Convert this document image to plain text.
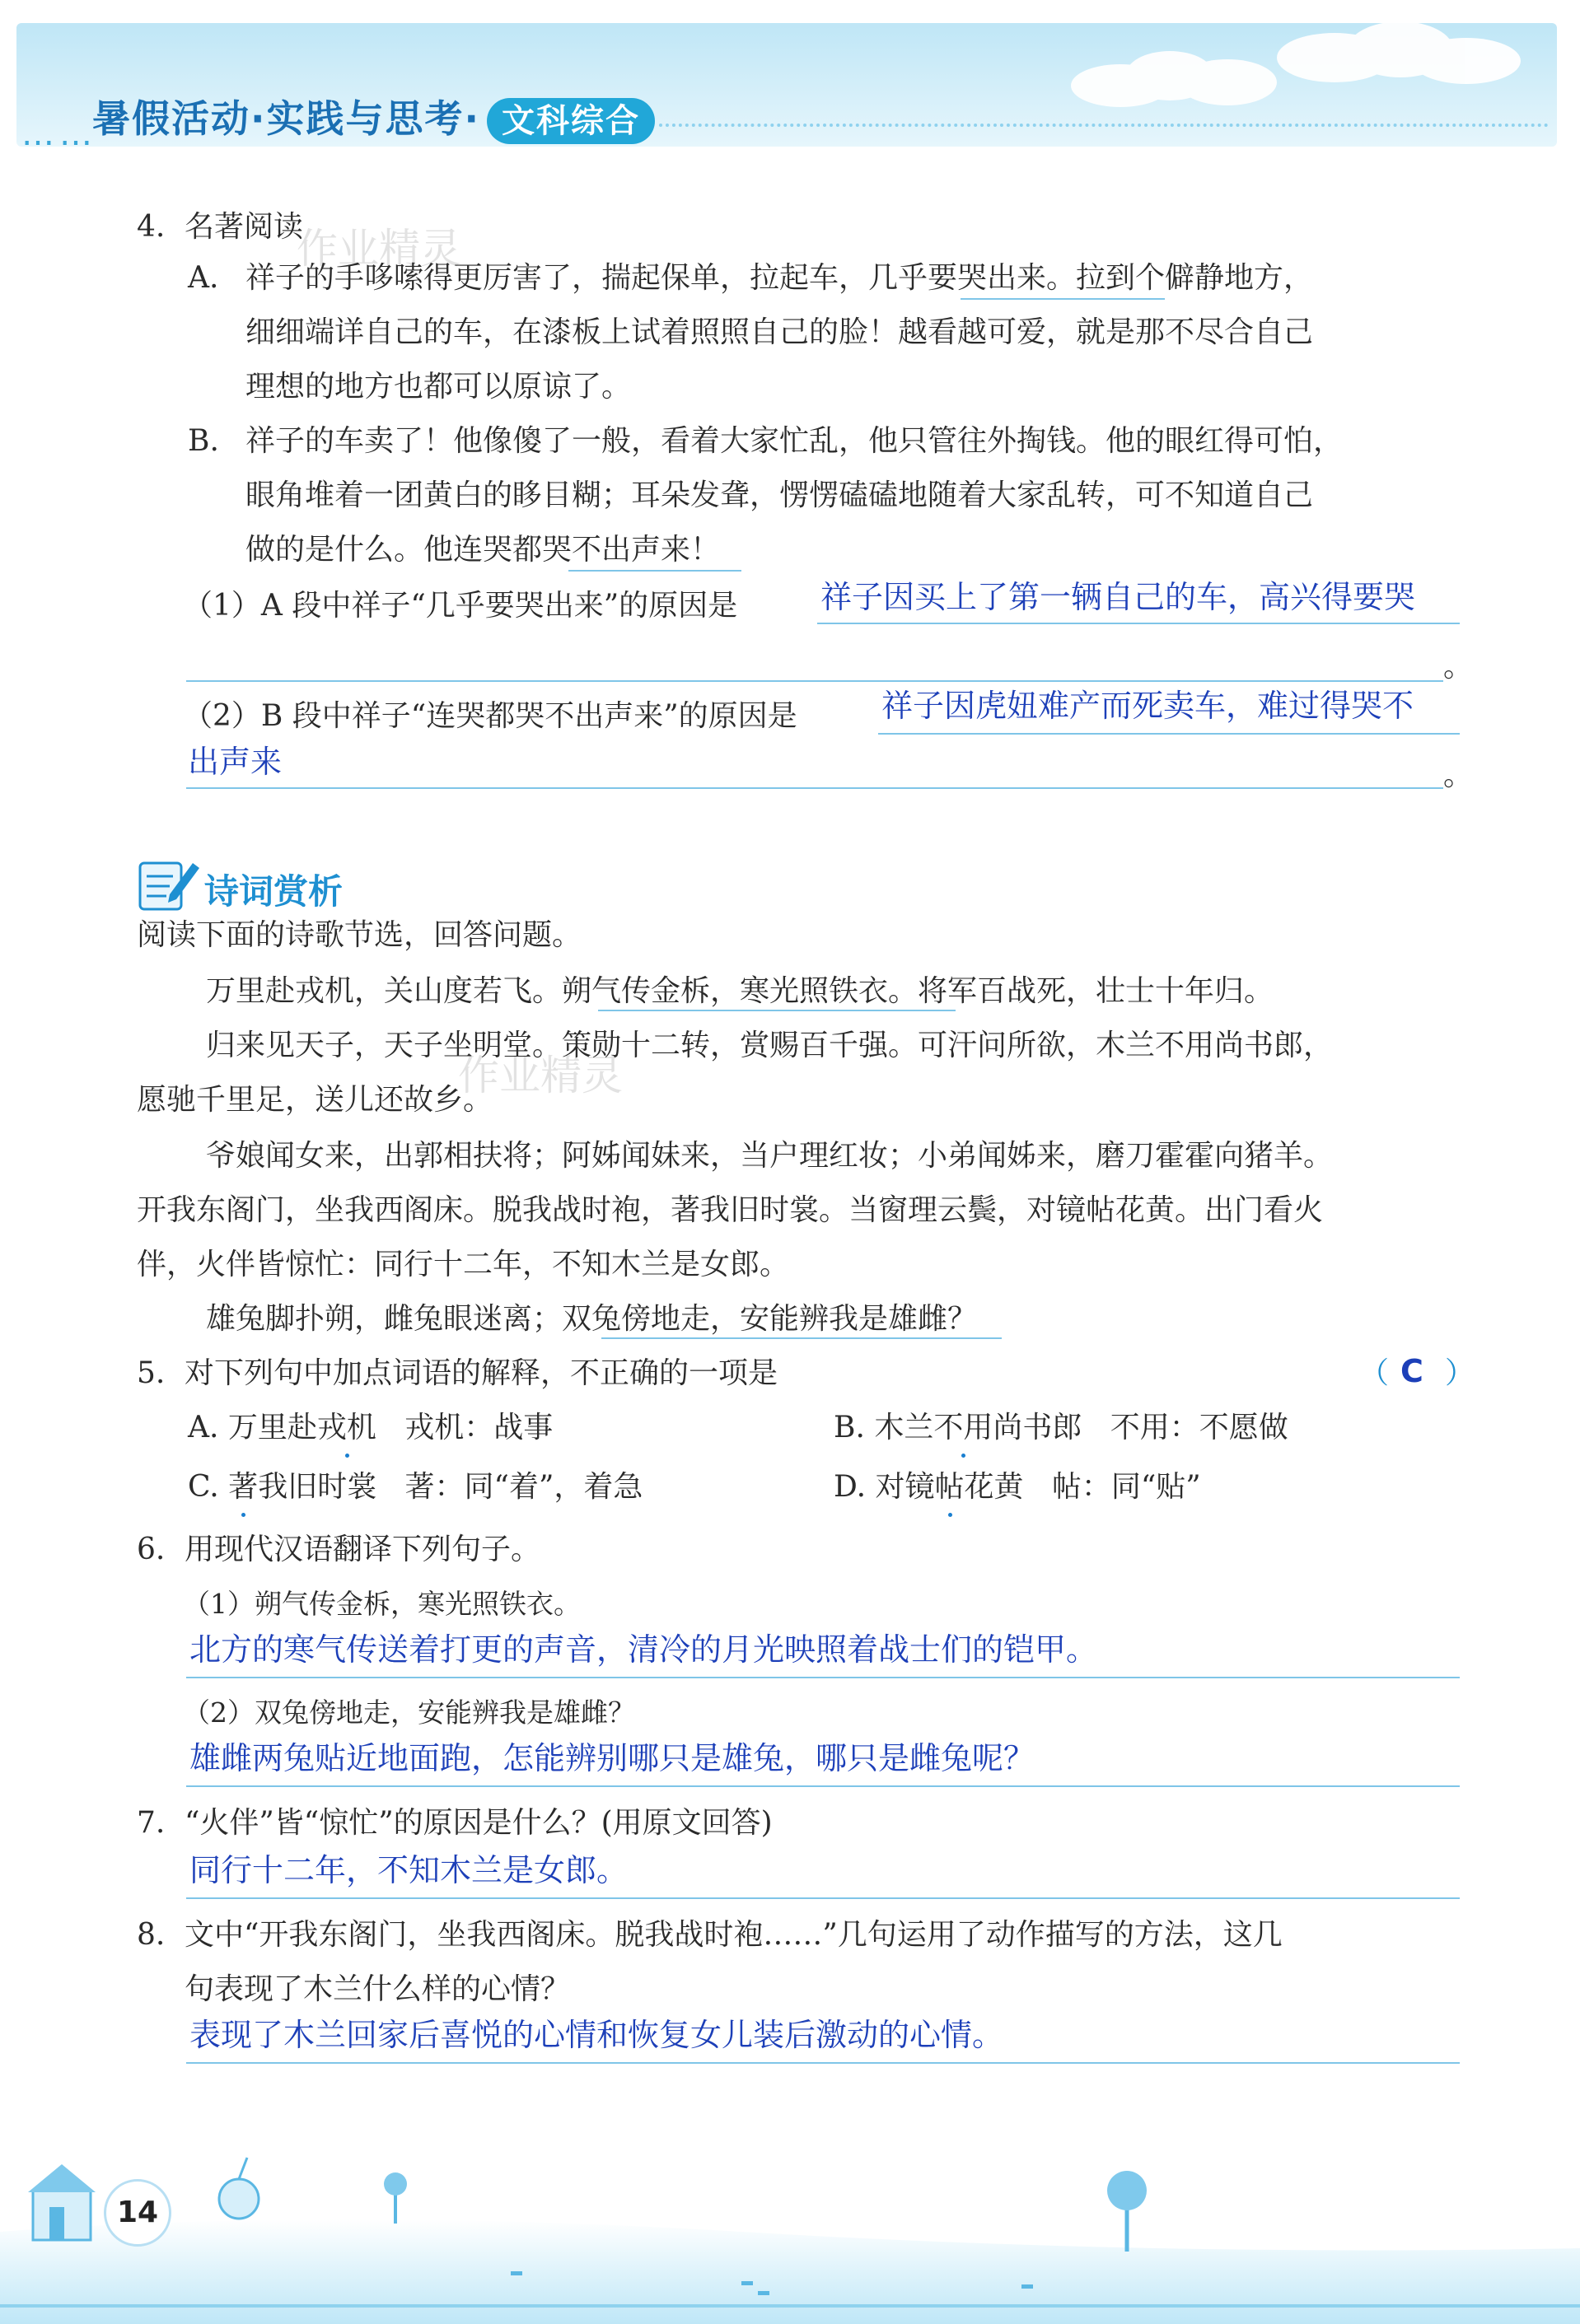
……
暑假活动·实践与思考· 文科综合
作业精灵
作业精灵
4. 名著阅读
A. 祥子的手哆嗦得更厉害了，揣起保单，拉起车，几乎要哭出来。拉到个僻静地方，
细细端详自己的车，在漆板上试着照照自己的脸！越看越可爱，就是那不尽合自己
理想的地方也都可以原谅了。
B. 祥子的车卖了！他像傻了一般，看着大家忙乱，他只管往外掏钱。他的眼红得可怕，
眼角堆着一团黄白的眵目糊；耳朵发聋，愣愣磕磕地随着大家乱转，可不知道自己
做的是什么。他连哭都哭不出声来！
（1）A 段中祥子“几乎要哭出来”的原因是	祥子因买上了第一辆自己的车，高兴得要哭
。
（2）B 段中祥子“连哭都哭不出声来”的原因是	祥子因虎妞难产而死卖车，难过得哭不
出声来	。
诗词赏析
阅读下面的诗歌节选，回答问题。
万里赴戎机，关山度若飞。朔气传金柝，寒光照铁衣。将军百战死，壮士十年归。
归来见天子，天子坐明堂。策勋十二转，赏赐百千强。可汗问所欲，木兰不用尚书郎，
愿驰千里足，送儿还故乡。
爷娘闻女来，出郭相扶将；阿姊闻妹来，当户理红妆；小弟闻姊来，磨刀霍霍向猪羊。
开我东阁门，坐我西阁床。脱我战时袍，著我旧时裳。当窗理云鬓，对镜帖花黄。出门看火
伴，火伴皆惊忙：同行十二年，不知木兰是女郎。
雄兔脚扑朔，雌兔眼迷离；双兔傍地走，安能辨我是雄雌？
5. 对下列句中加点词语的解释，不正确的一项是	（ C ）
A. 万里赴戎机 戎机：战事	B. 木兰不用尚书郎 不用：不愿做
C. 著我旧时裳 著：同“着”，着急	D. 对镜帖花黄 帖：同“贴”
6. 用现代汉语翻译下列句子。
（1）朔气传金柝，寒光照铁衣。
北方的寒气传送着打更的声音，清冷的月光映照着战士们的铠甲。
（2）双兔傍地走，安能辨我是雄雌？
雄雌两兔贴近地面跑，怎能辨别哪只是雄兔，哪只是雌兔呢？
7. “火伴”皆“惊忙”的原因是什么？(用原文回答)
同行十二年，不知木兰是女郎。
8. 文中“开我东阁门，坐我西阁床。脱我战时袍……”几句运用了动作描写的方法，这几
句表现了木兰什么样的心情？
表现了木兰回家后喜悦的心情和恢复女儿装后激动的心情。
14
